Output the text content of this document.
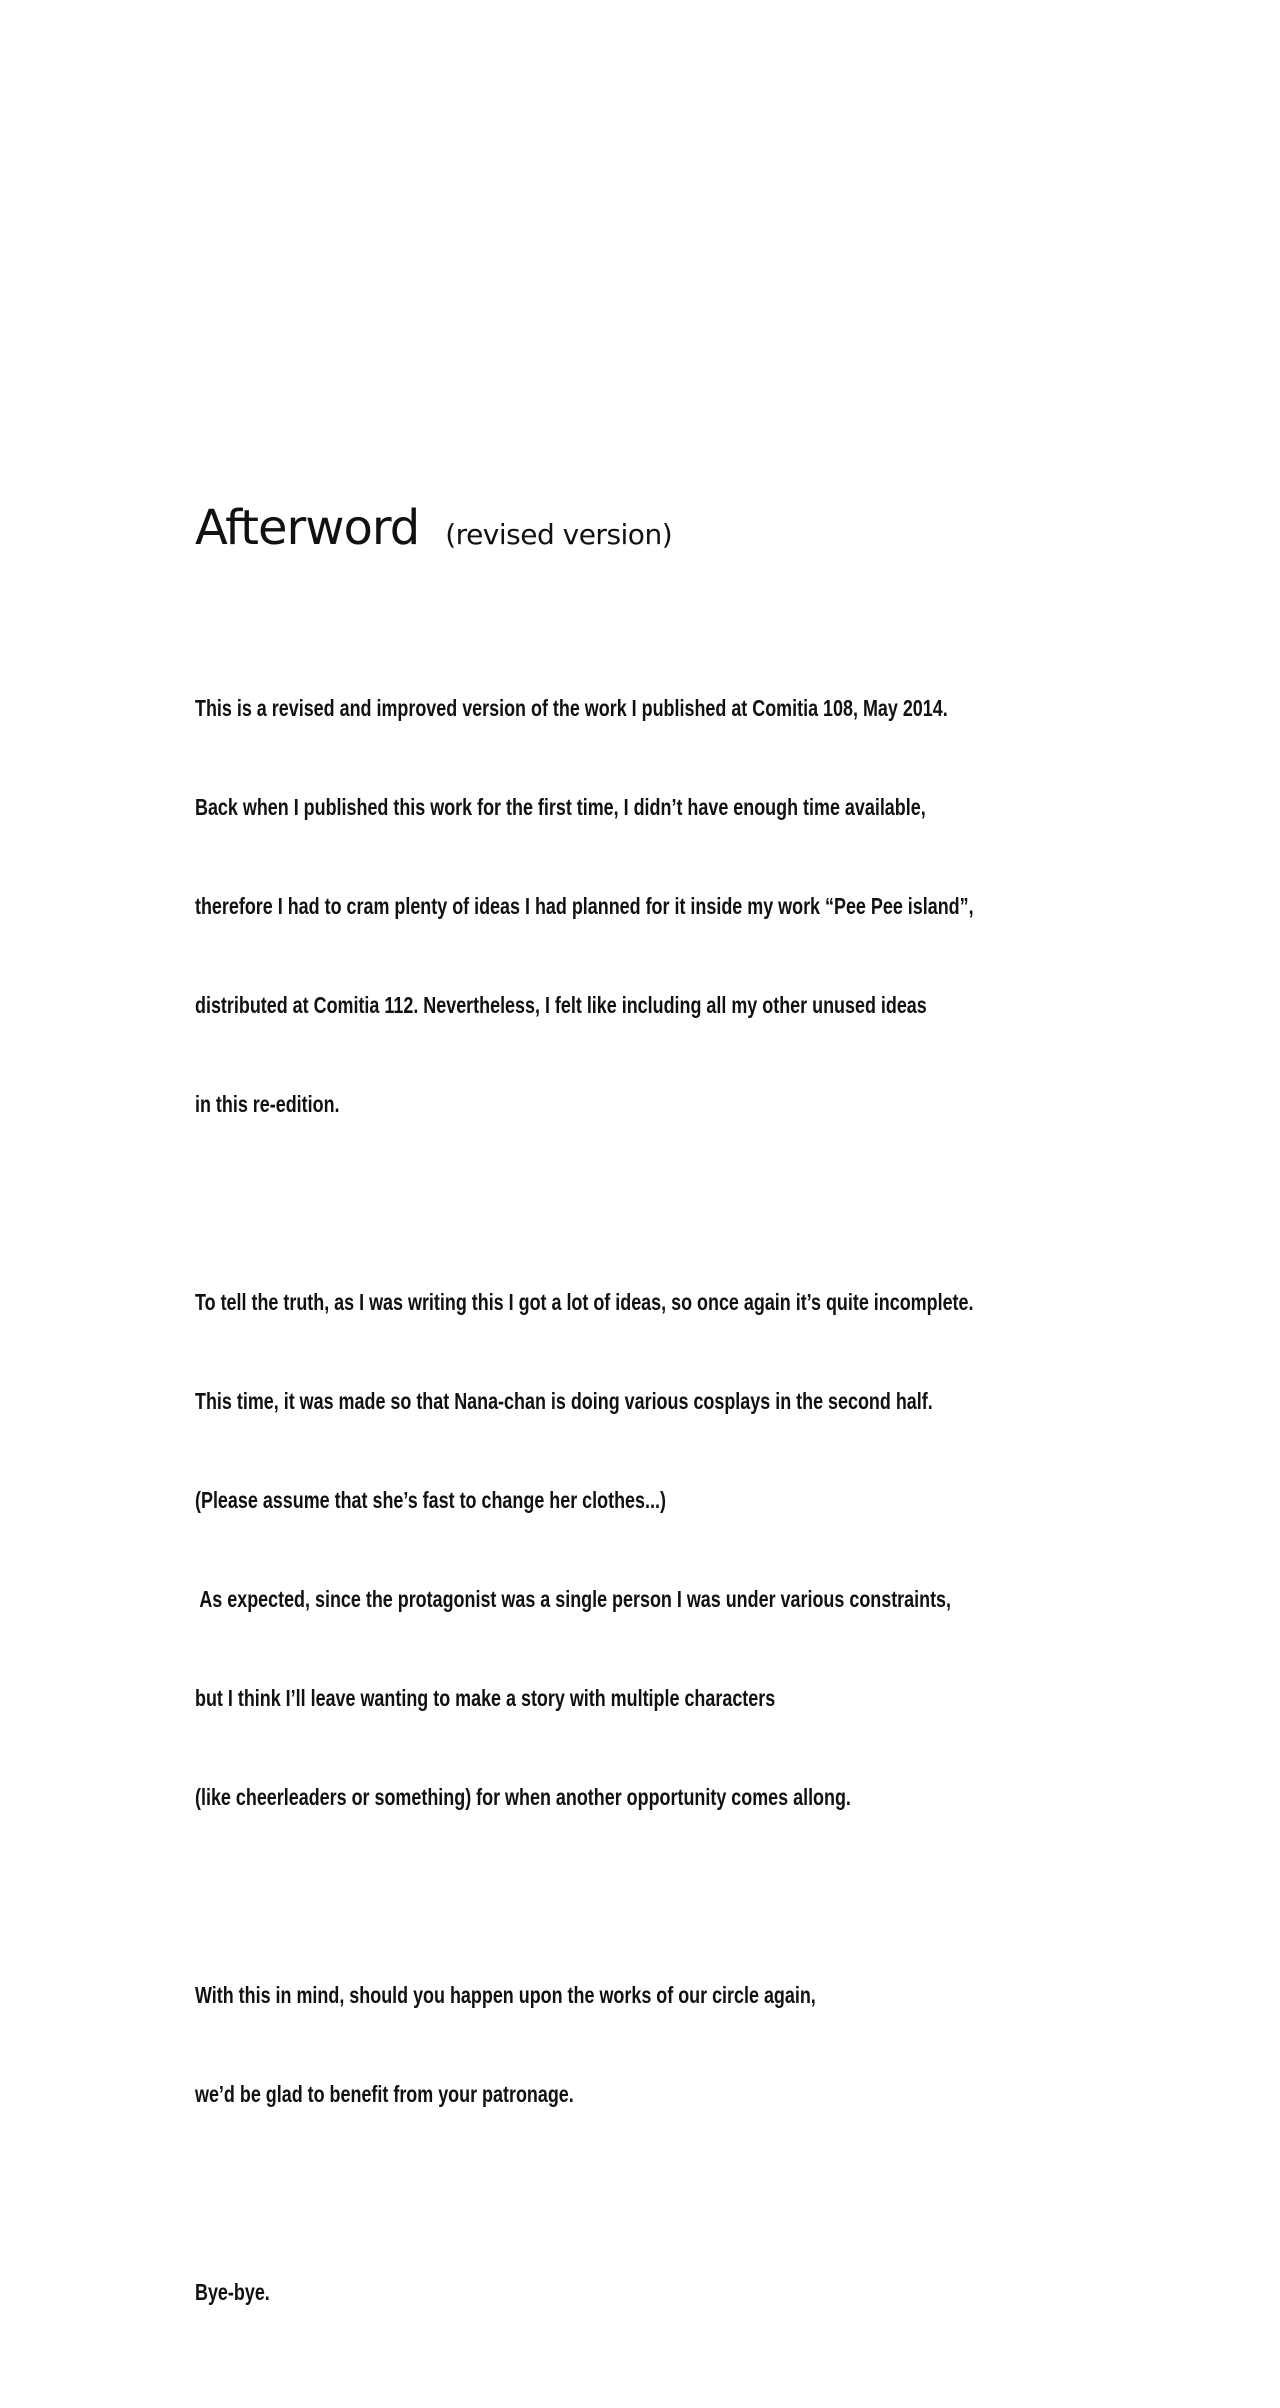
Afterword (revised version)

This is a revised and improved version of the work I published at Comitia 108, May 2014.

Back when I published this work for the first time, I didn’t have enough time available,

therefore I had to cram plenty of ideas I had planned for it inside my work “Pee Pee island”,

distributed at Comitia 112. Nevertheless, I felt like including all my other unused ideas

in this re-edition.

To tell the truth, as I was writing this I got a lot of ideas, so once again it’s quite incomplete.

This time, it was made so that Nana-chan is doing various cosplays in the second half.

(Please assume that she’s fast to change her clothes...)

As expected, since the protagonist was a single person I was under various constraints,

but I think I’ll leave wanting to make a story with multiple characters

(like cheerleaders or something) for when another opportunity comes allong.

With this in mind, should you happen upon the works of our circle again,

we’d be glad to benefit from your patronage.

Bye-bye.
